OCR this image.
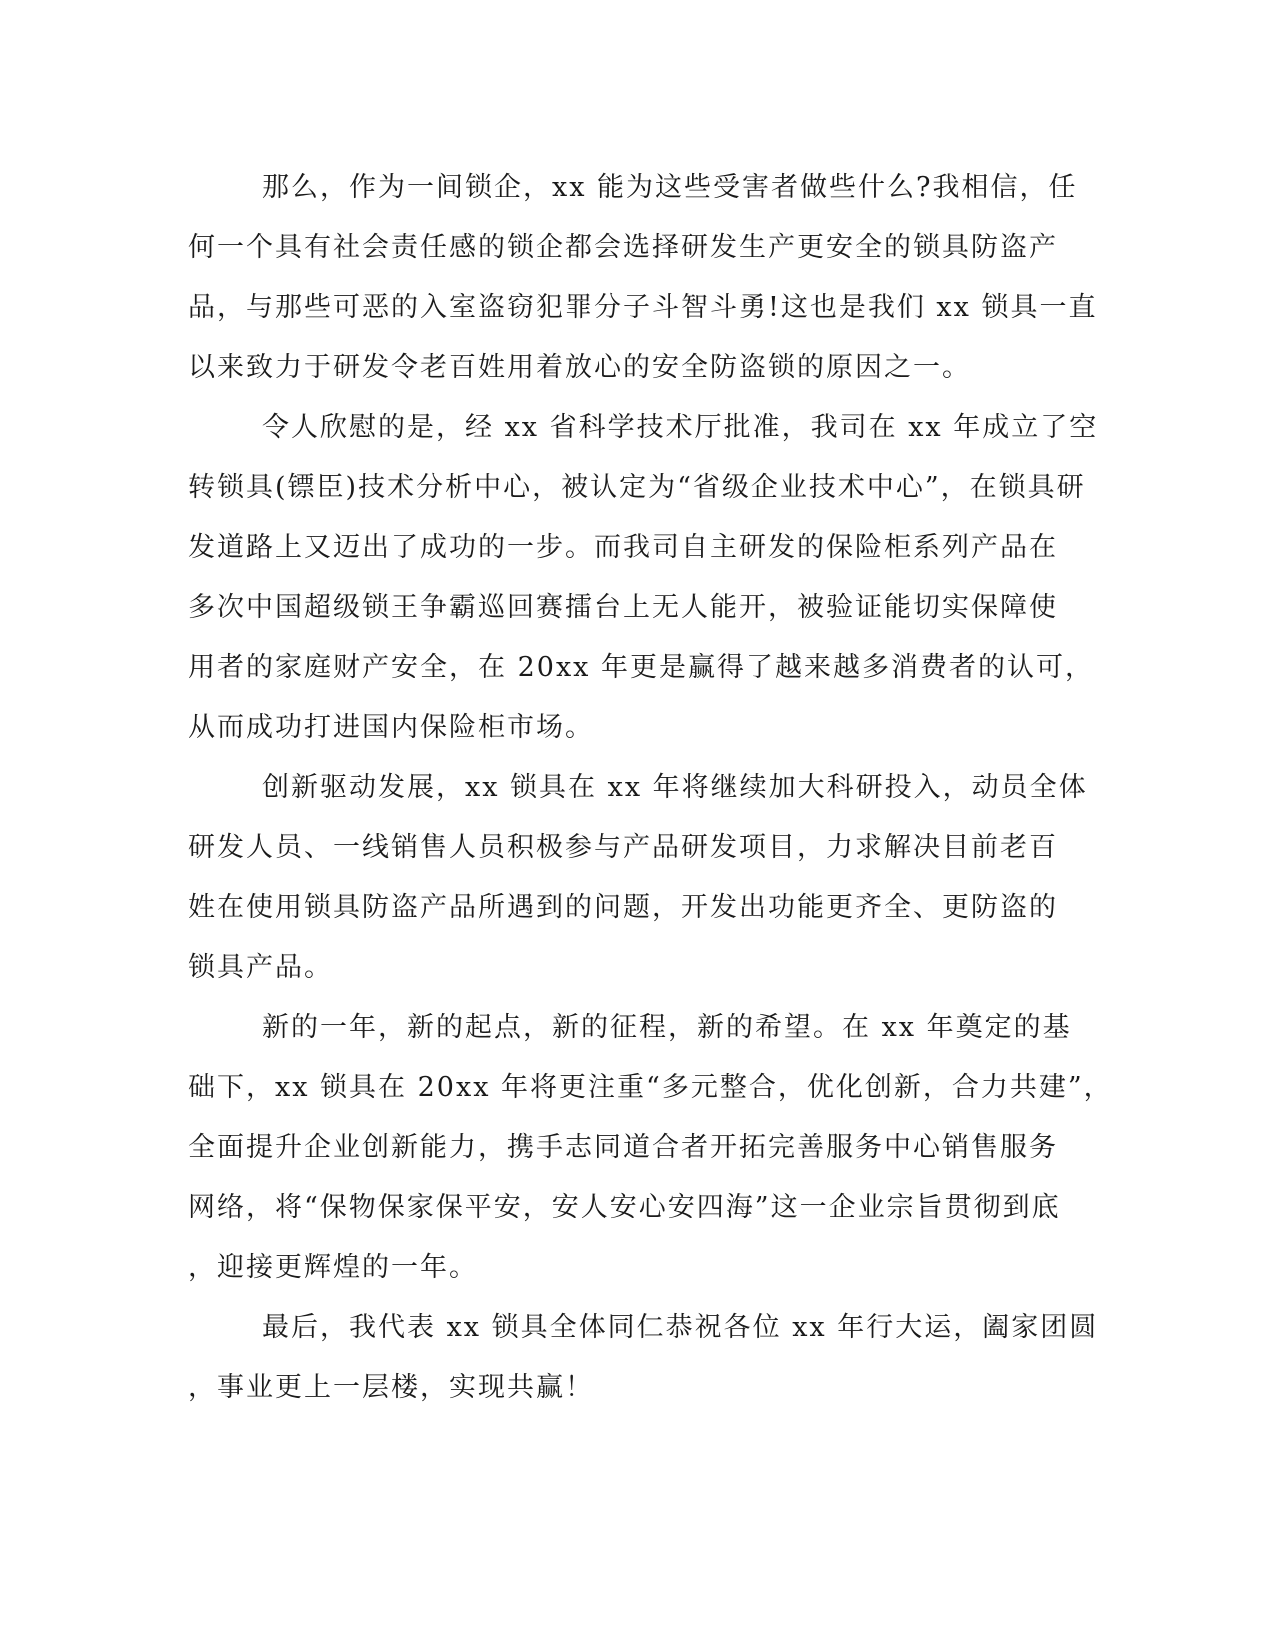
那么，作为一间锁企，xx 能为这些受害者做些什么?我相信，任
何一个具有社会责任感的锁企都会选择研发生产更安全的锁具防盗产
品，与那些可恶的入室盗窃犯罪分子斗智斗勇!这也是我们 xx 锁具一直
以来致力于研发令老百姓用着放心的安全防盗锁的原因之一。
令人欣慰的是，经 xx 省科学技术厅批准，我司在 xx 年成立了空
转锁具(镖臣)技术分析中心，被认定为“省级企业技术中心”，在锁具研
发道路上又迈出了成功的一步。而我司自主研发的保险柜系列产品在
多次中国超级锁王争霸巡回赛擂台上无人能开，被验证能切实保障使
用者的家庭财产安全，在 20xx 年更是赢得了越来越多消费者的认可，
从而成功打进国内保险柜市场。
创新驱动发展，xx 锁具在 xx 年将继续加大科研投入，动员全体
研发人员、一线销售人员积极参与产品研发项目，力求解决目前老百
姓在使用锁具防盗产品所遇到的问题，开发出功能更齐全、更防盗的
锁具产品。
新的一年，新的起点，新的征程，新的希望。在 xx 年奠定的基
础下，xx 锁具在 20xx 年将更注重“多元整合，优化创新，合力共建”，
全面提升企业创新能力，携手志同道合者开拓完善服务中心销售服务
网络，将“保物保家保平安，安人安心安四海”这一企业宗旨贯彻到底
，迎接更辉煌的一年。
最后，我代表 xx 锁具全体同仁恭祝各位 xx 年行大运，阖家团圆
，事业更上一层楼，实现共赢！
